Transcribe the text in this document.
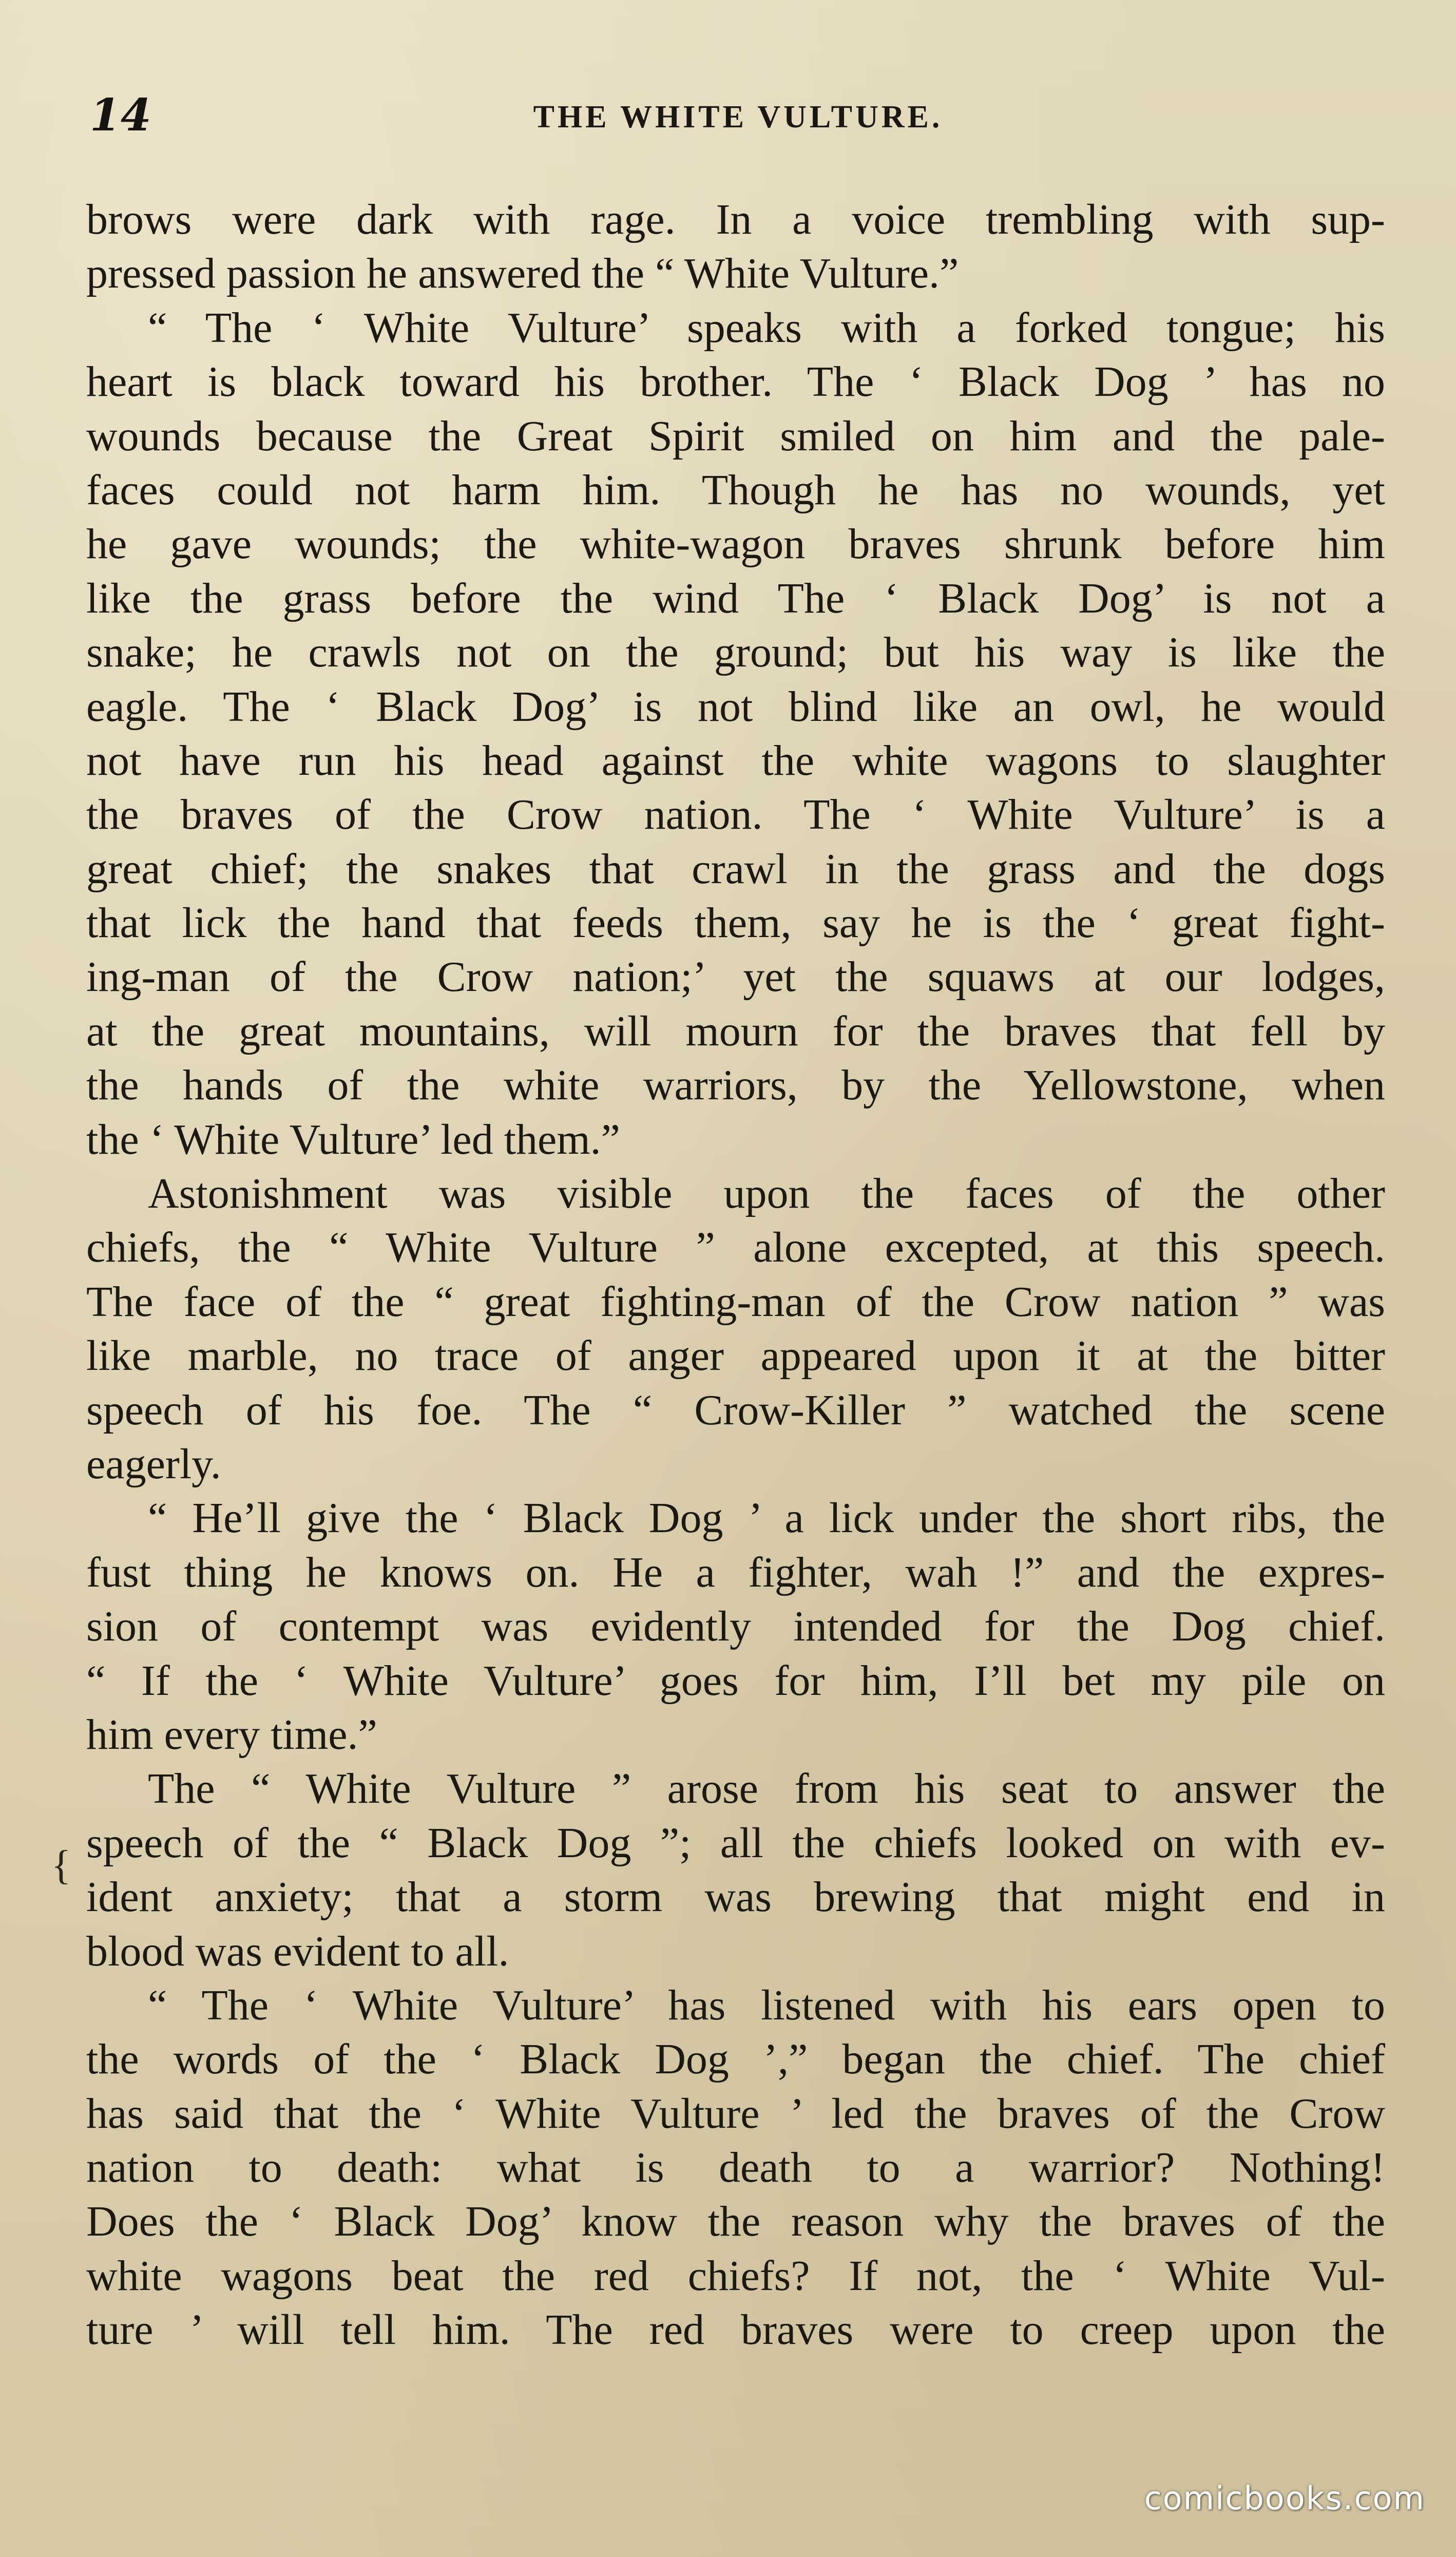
14	THE WHITE VULTURE.
{
brows were dark with rage. In a voice trembling with sup-
pressed passion he answered the “ White Vulture.”
“ The ‘ White Vulture’ speaks with a forked tongue; his
heart is black toward his brother. The ‘ Black Dog ’ has no
wounds because the Great Spirit smiled on him and the pale-
faces could not harm him. Though he has no wounds, yet
he gave wounds; the white-wagon braves shrunk before him
like the grass before the wind The ‘ Black Dog’ is not a
snake; he crawls not on the ground; but his way is like the
eagle. The ‘ Black Dog’ is not blind like an owl, he would
not have run his head against the white wagons to slaughter
the braves of the Crow nation. The ‘ White Vulture’ is a
great chief; the snakes that crawl in the grass and the dogs
that lick the hand that feeds them, say he is the ‘ great fight-
ing-man of the Crow nation;’ yet the squaws at our lodges,
at the great mountains, will mourn for the braves that fell by
the hands of the white warriors, by the Yellowstone, when
the ‘ White Vulture’ led them.”
Astonishment was visible upon the faces of the other
chiefs, the “ White Vulture ” alone excepted, at this speech.
The face of the “ great fighting-man of the Crow nation ” was
like marble, no trace of anger appeared upon it at the bitter
speech of his foe. The “ Crow-Killer ” watched the scene
eagerly.
“ He’ll give the ‘ Black Dog ’ a lick under the short ribs, the
fust thing he knows on. He a fighter, wah !” and the expres-
sion of contempt was evidently intended for the Dog chief.
“ If the ‘ White Vulture’ goes for him, I’ll bet my pile on
him every time.”
The “ White Vulture ” arose from his seat to answer the
speech of the “ Black Dog ”; all the chiefs looked on with ev-
ident anxiety; that a storm was brewing that might end in
blood was evident to all.
“ The ‘ White Vulture’ has listened with his ears open to
the words of the ‘ Black Dog ’,” began the chief. The chief
has said that the ‘ White Vulture ’ led the braves of the Crow
nation to death: what is death to a warrior? Nothing!
Does the ‘ Black Dog’ know the reason why the braves of the
white wagons beat the red chiefs? If not, the ‘ White Vul-
ture ’ will tell him. The red braves were to creep upon the
comicbooks.com
